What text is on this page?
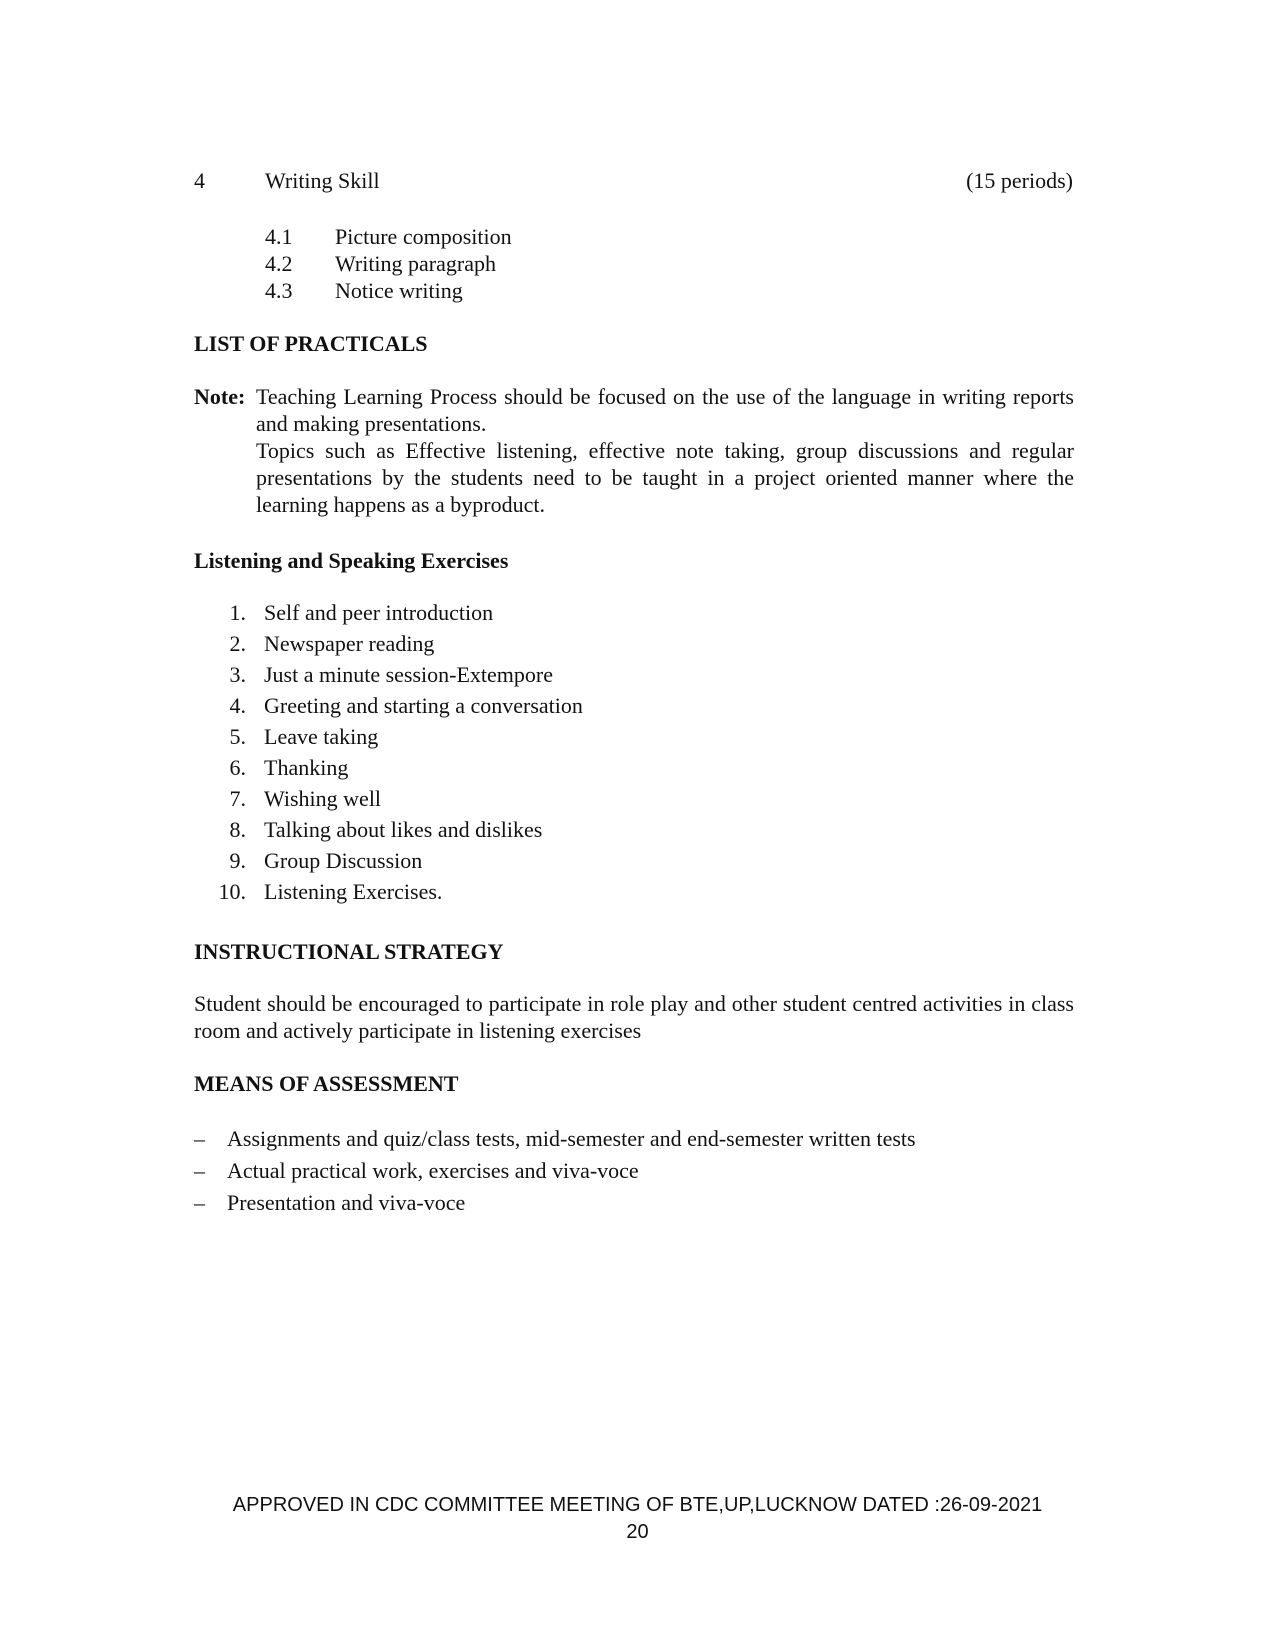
4	Writing Skill	(15 periods)
4.1	Picture composition
4.2	Writing paragraph
4.3	Notice writing
LIST OF PRACTICALS
Note: Teaching Learning Process should be focused on the use of the language in writing reports and making presentations.

Topics such as Effective listening, effective note taking, group discussions and regular presentations by the students need to be taught in a project oriented manner where the learning happens as a byproduct.

Listening and Speaking Exercises
1. Self and peer introduction
2. Newspaper reading
3. Just a minute session-Extempore
4. Greeting and starting a conversation
5. Leave taking
6. Thanking
7. Wishing well
8. Talking about likes and dislikes
9. Group Discussion
10. Listening Exercises.
INSTRUCTIONAL STRATEGY
Student should be encouraged to participate in role play and other student centred activities in class room and actively participate in listening exercises
MEANS OF ASSESSMENT
– Assignments and quiz/class tests, mid-semester and end-semester written tests
– Actual practical work, exercises and viva-voce
– Presentation and viva-voce
APPROVED IN CDC COMMITTEE MEETING OF BTE,UP,LUCKNOW DATED :26-09-2021
20
